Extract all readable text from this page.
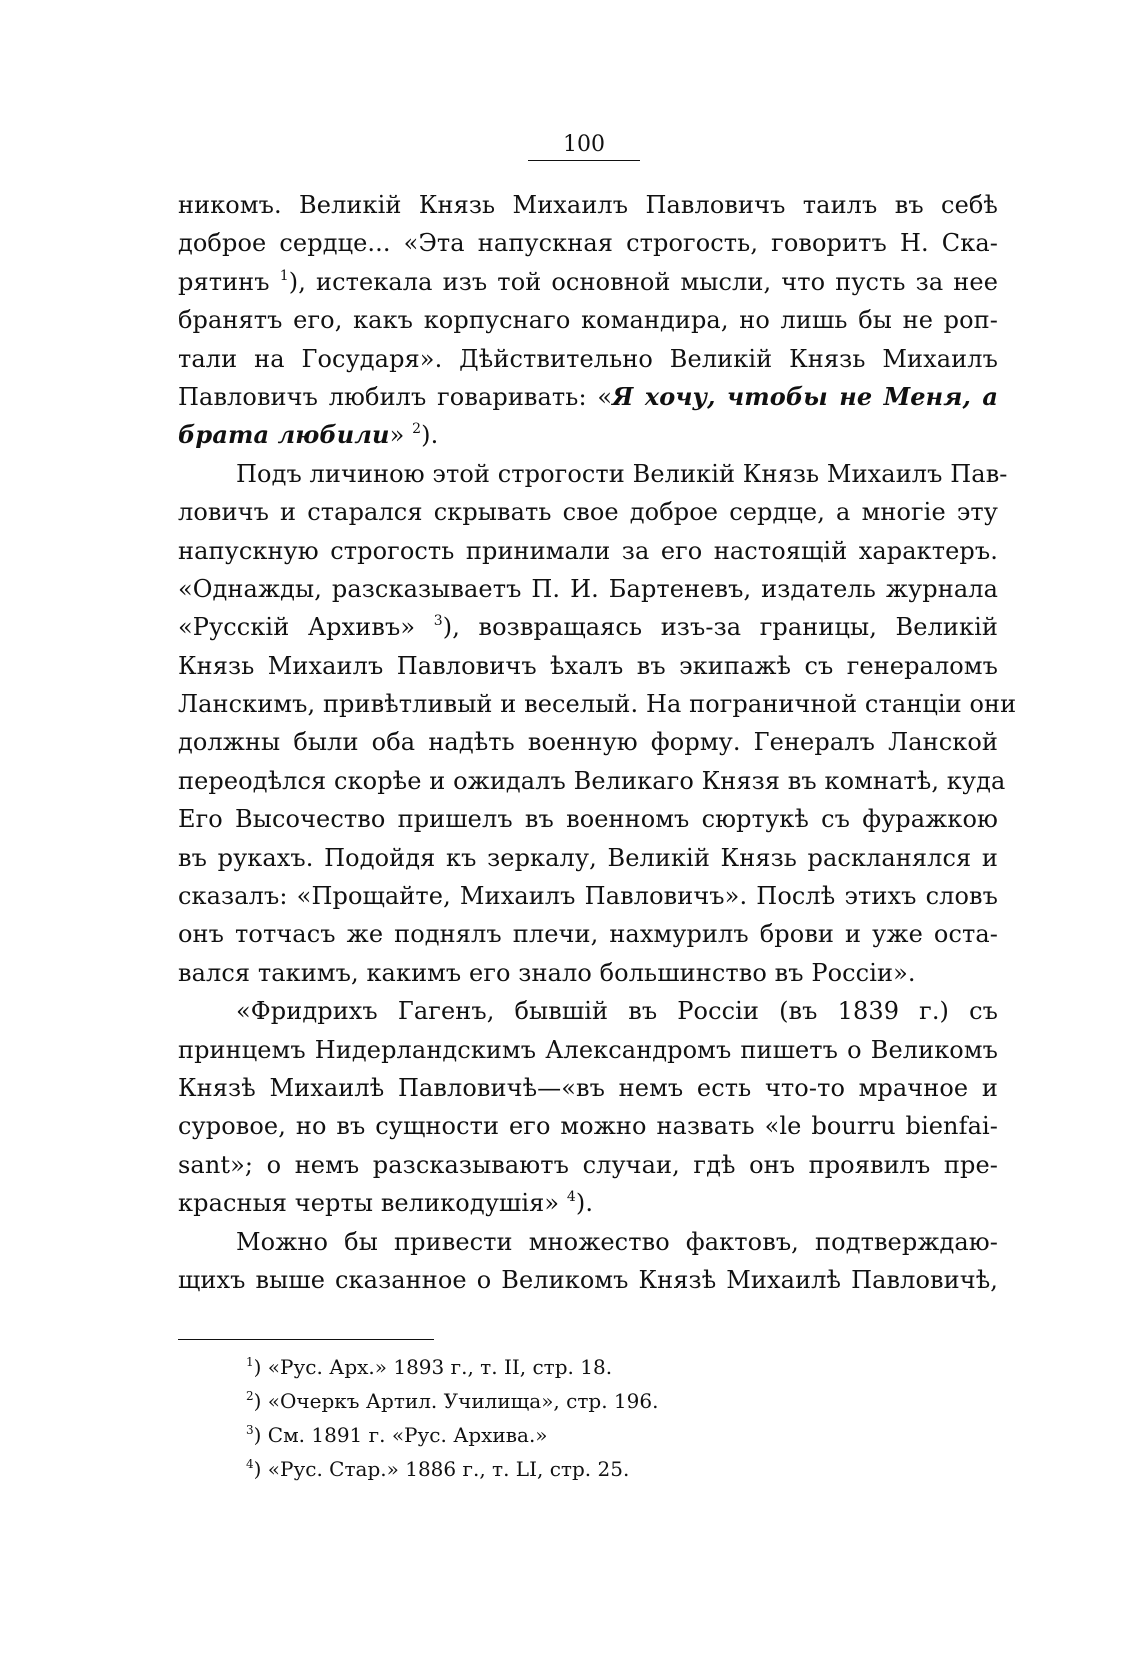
100
никомъ. Великій Князь Михаилъ Павловичъ таилъ въ себѣ
доброе сердце... «Эта напускная строгость, говоритъ Н. Ска-
рятинъ $^1$), истекала изъ той основной мысли, что пусть за нее
бранятъ его, какъ корпуснаго командира, но лишь бы не роп-
тали на Государя». Дѣйствительно Великій Князь Михаилъ
Павловичъ любилъ говаривать: «Я хочу, чтобы не Меня, а
брата любили» $^2$).
Подъ личиною этой строгости Великій Князь Михаилъ Пав-
ловичъ и старался скрывать свое доброе сердце, а многіе эту
напускную строгость принимали за его настоящій характеръ.
«Однажды, разсказываетъ П. И. Бартеневъ, издатель журнала
«Русскій Архивъ» $^3$), возвращаясь изъ-за границы, Великій
Князь Михаилъ Павловичъ ѣхалъ въ экипажѣ съ генераломъ
Ланскимъ, привѣтливый и веселый. На пограничной станціи они
должны были оба надѣть военную форму. Генералъ Ланской
переодѣлся скорѣе и ожидалъ Великаго Князя въ комнатѣ, куда
Его Высочество пришелъ въ военномъ сюртукѣ съ фуражкою
въ рукахъ. Подойдя къ зеркалу, Великій Князь раскланялся и
сказалъ: «Прощайте, Михаилъ Павловичъ». Послѣ этихъ словъ
онъ тотчасъ же поднялъ плечи, нахмурилъ брови и уже оста-
вался такимъ, какимъ его знало большинство въ Россіи».
«Фридрихъ Гагенъ, бывшій въ Россіи (въ 1839 г.) съ
принцемъ Нидерландскимъ Александромъ пишетъ о Великомъ
Князѣ Михаилѣ Павловичѣ—«въ немъ есть что-то мрачное и
суровое, но въ сущности его можно назвать «le bourru bienfai-
sant»; о немъ разсказываютъ случаи, гдѣ онъ проявилъ пре-
красныя черты великодушія» $^4$).
Можно бы привести множество фактовъ, подтверждаю-
щихъ выше сказанное о Великомъ Князѣ Михаилѣ Павловичѣ,
$^1$) «Рус. Арх.» 1893 г., т. II, стр. 18.
$^2$) «Очеркъ Артил. Училища», стр. 196.
$^3$) См. 1891 г. «Рус. Архива.»
$^4$) «Рус. Стар.» 1886 г., т. LI, стр. 25.
